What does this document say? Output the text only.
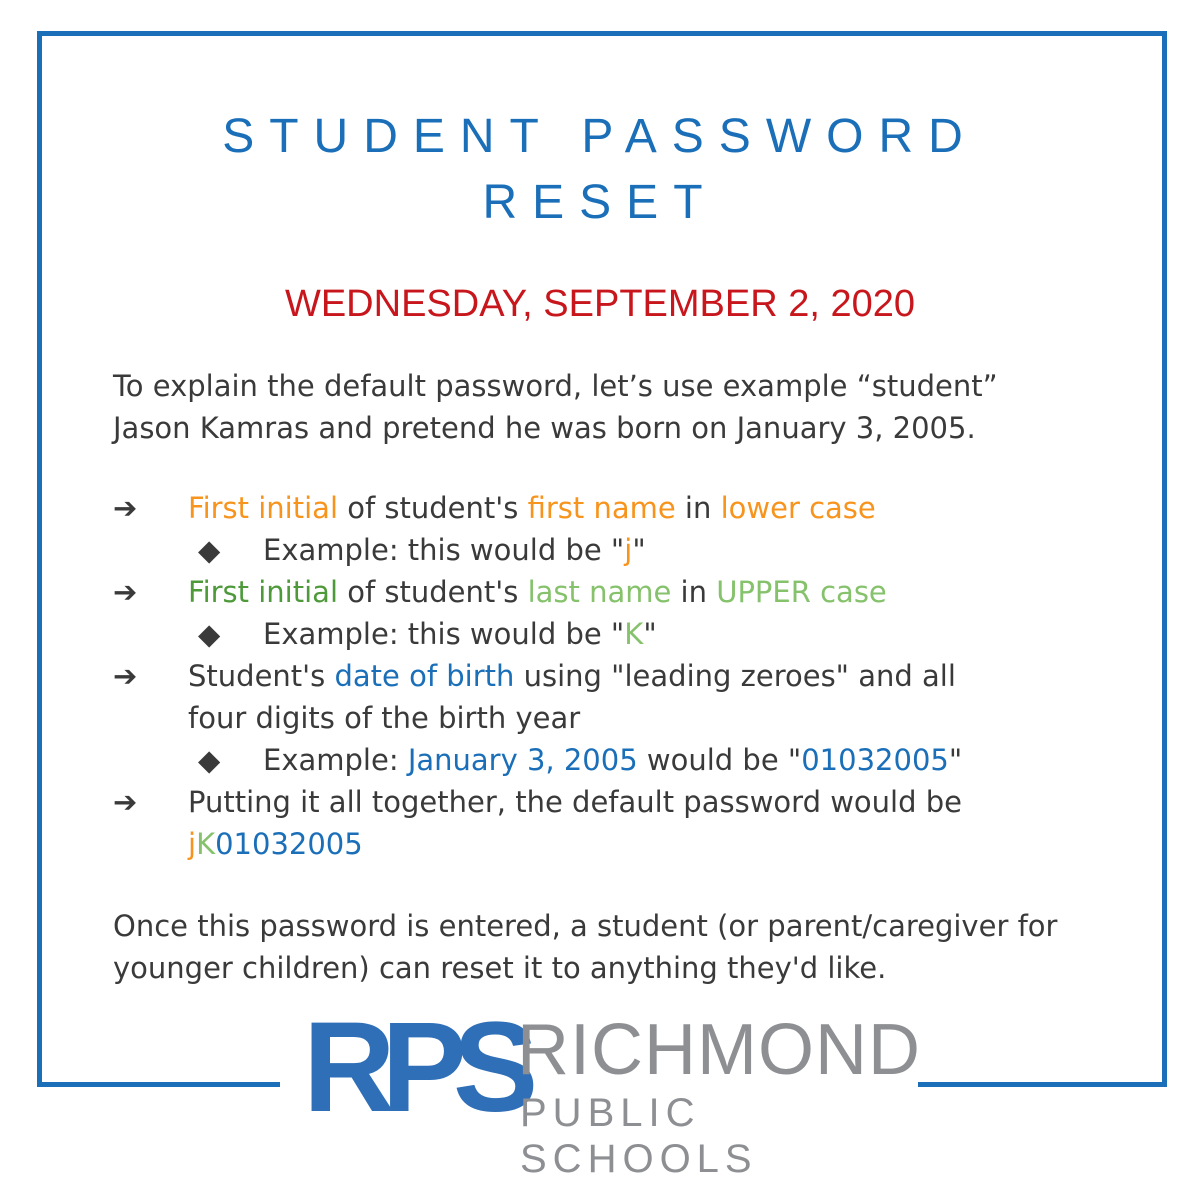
STUDENT PASSWORD
RESET
WEDNESDAY, SEPTEMBER 2, 2020
To explain the default password, let’s use example “student”
Jason Kamras and pretend he was born on January 3, 2005.
➔	First initial of student's first name in lower case
◆ Example: this would be "j"
➔	First initial of student's last name in UPPER case
◆ Example: this would be "K"
➔	Student's date of birth using "leading zeroes" and all
four digits of the birth year
◆ Example: January 3, 2005 would be "01032005"
➔	Putting it all together, the default password would be
jK01032005
Once this password is entered, a student (or parent/caregiver for
younger children) can reset it to anything they'd like.
RPS
RICHMOND
PUBLIC SCHOOLS
